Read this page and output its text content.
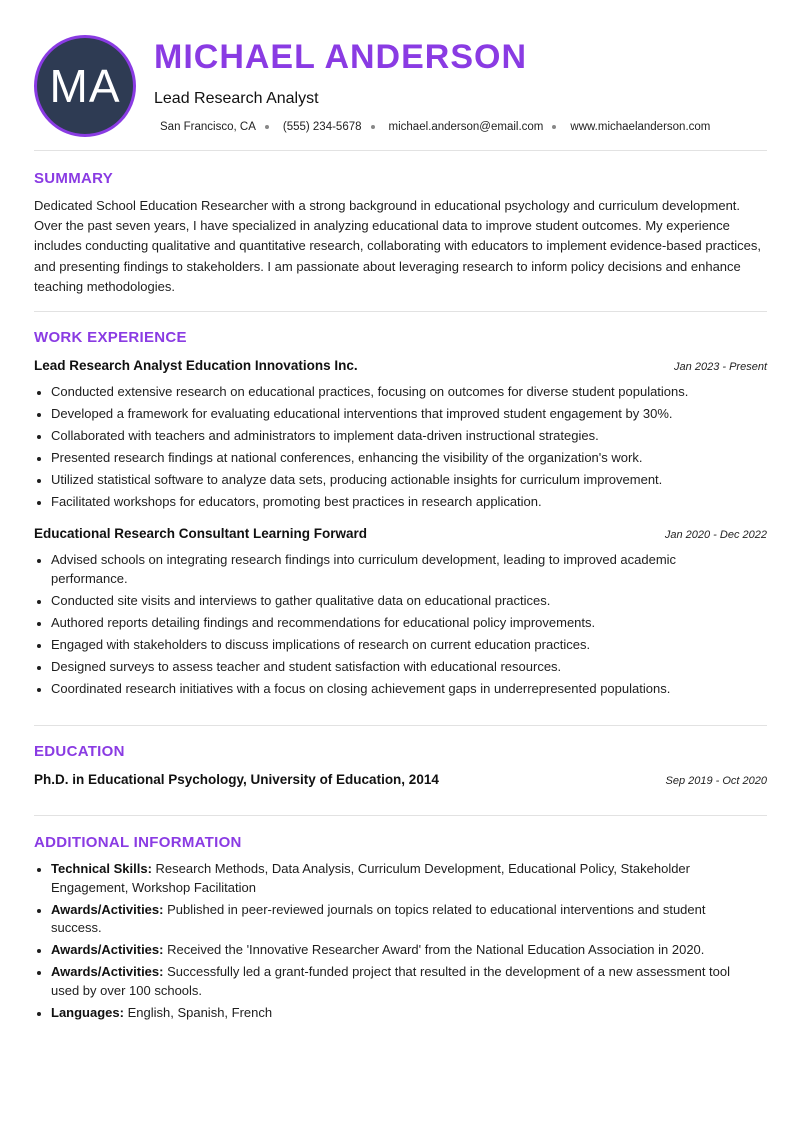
MA
MICHAEL ANDERSON
Lead Research Analyst
San Francisco, CA (555) 234-5678 michael.anderson@email.com www.michaelanderson.com
SUMMARY
Dedicated School Education Researcher with a strong background in educational psychology and curriculum development. Over the past seven years, I have specialized in analyzing educational data to improve student outcomes. My experience includes conducting qualitative and quantitative research, collaborating with educators to implement evidence-based practices, and presenting findings to stakeholders. I am passionate about leveraging research to inform policy decisions and enhance teaching methodologies.
WORK EXPERIENCE
Lead Research Analyst Education Innovations Inc.	Jan 2023 - Present
• Conducted extensive research on educational practices, focusing on outcomes for diverse student populations.
• Developed a framework for evaluating educational interventions that improved student engagement by 30%.
• Collaborated with teachers and administrators to implement data-driven instructional strategies.
• Presented research findings at national conferences, enhancing the visibility of the organization's work.
• Utilized statistical software to analyze data sets, producing actionable insights for curriculum improvement.
• Facilitated workshops for educators, promoting best practices in research application.
Educational Research Consultant Learning Forward	Jan 2020 - Dec 2022
• Advised schools on integrating research findings into curriculum development, leading to improved academic performance.
• Conducted site visits and interviews to gather qualitative data on educational practices.
• Authored reports detailing findings and recommendations for educational policy improvements.
• Engaged with stakeholders to discuss implications of research on current education practices.
• Designed surveys to assess teacher and student satisfaction with educational resources.
• Coordinated research initiatives with a focus on closing achievement gaps in underrepresented populations.
EDUCATION
Ph.D. in Educational Psychology, University of Education, 2014	Sep 2019 - Oct 2020
ADDITIONAL INFORMATION
• Technical Skills: Research Methods, Data Analysis, Curriculum Development, Educational Policy, Stakeholder Engagement, Workshop Facilitation
• Awards/Activities: Published in peer-reviewed journals on topics related to educational interventions and student success.
• Awards/Activities: Received the 'Innovative Researcher Award' from the National Education Association in 2020.
• Awards/Activities: Successfully led a grant-funded project that resulted in the development of a new assessment tool used by over 100 schools.
• Languages: English, Spanish, French
